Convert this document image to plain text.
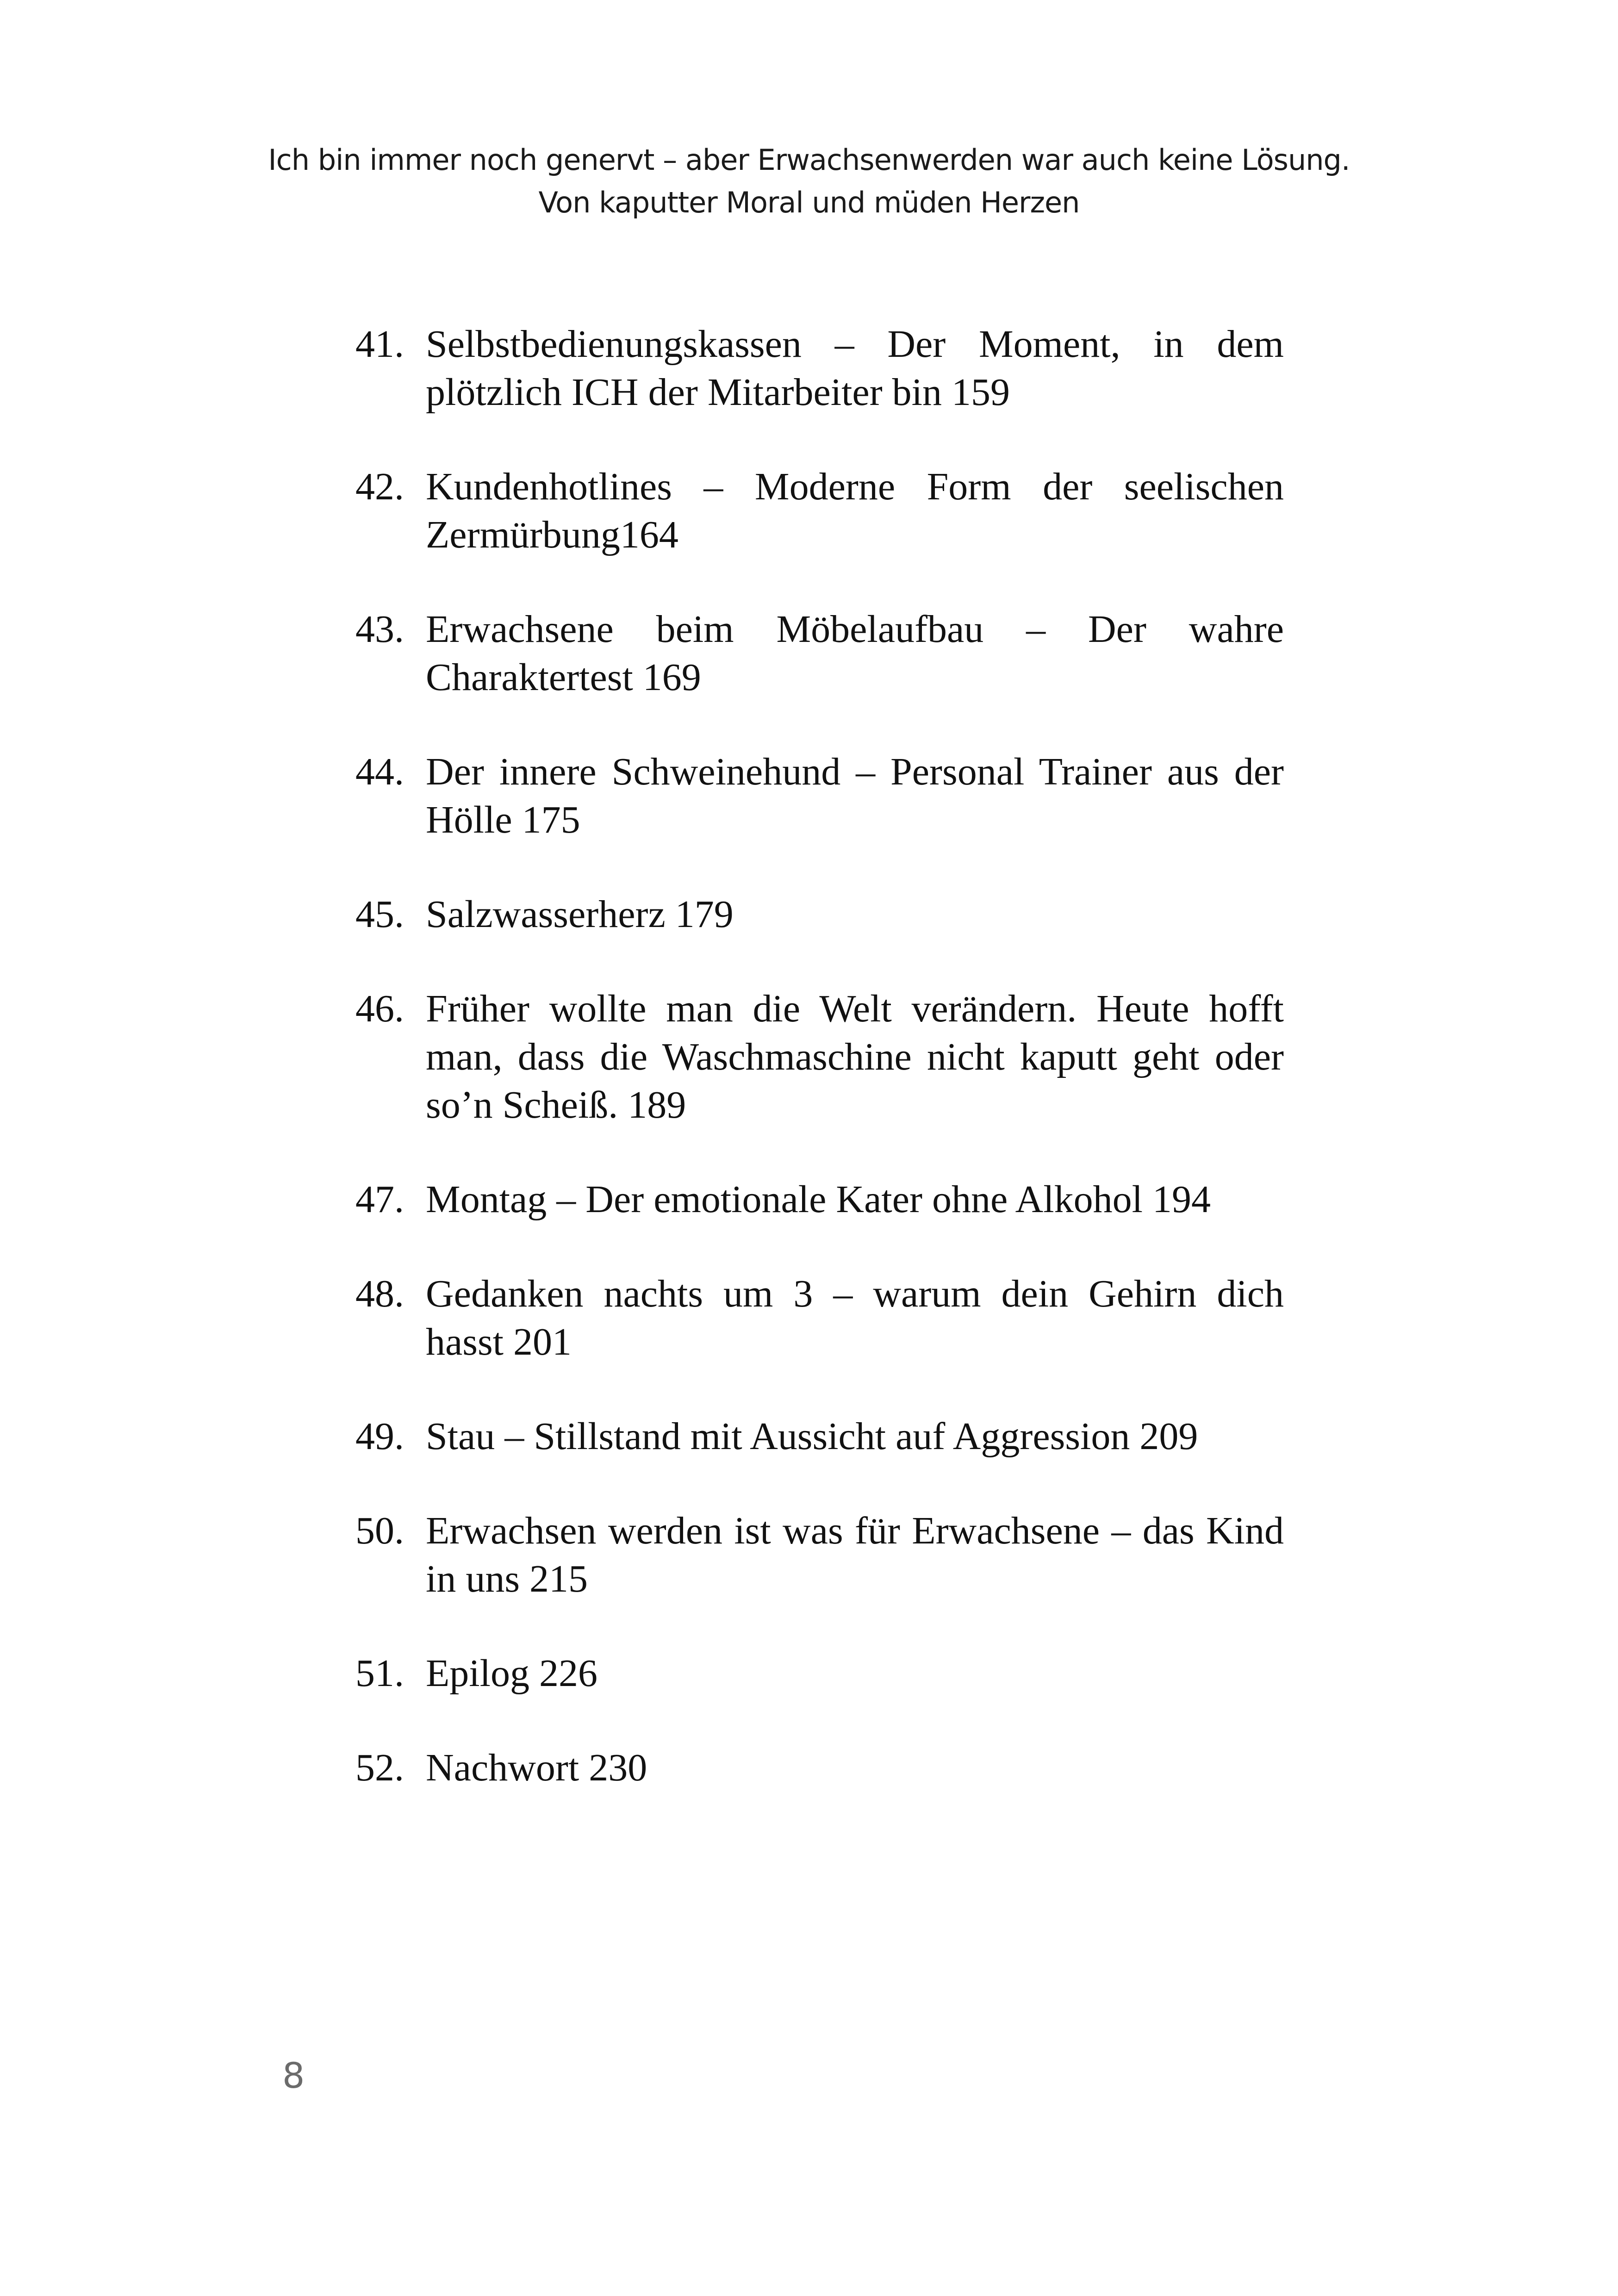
Ich bin immer noch genervt – aber Erwachsenwerden war auch keine Lösung.
Von kaputter Moral und müden Herzen
41. Selbstbedienungskassen – Der Moment, in dem plötzlich ICH der Mitarbeiter bin 159
42. Kundenhotlines – Moderne Form der seelischen Zermürbung164
43. Erwachsene beim Möbelaufbau – Der wahre Charaktertest 169
44. Der innere Schweinehund – Personal Trainer aus der Hölle 175
45. Salzwasserherz 179
46. Früher wollte man die Welt verändern. Heute hofft man, dass die Waschmaschine nicht kaputt geht oder so’n Scheiß. 189
47. Montag – Der emotionale Kater ohne Alkohol 194
48. Gedanken nachts um 3 – warum dein Gehirn dich hasst 201
49. Stau – Stillstand mit Aussicht auf Aggression 209
50. Erwachsen werden ist was für Erwachsene – das Kind in uns 215
51. Epilog 226
52. Nachwort 230
8
